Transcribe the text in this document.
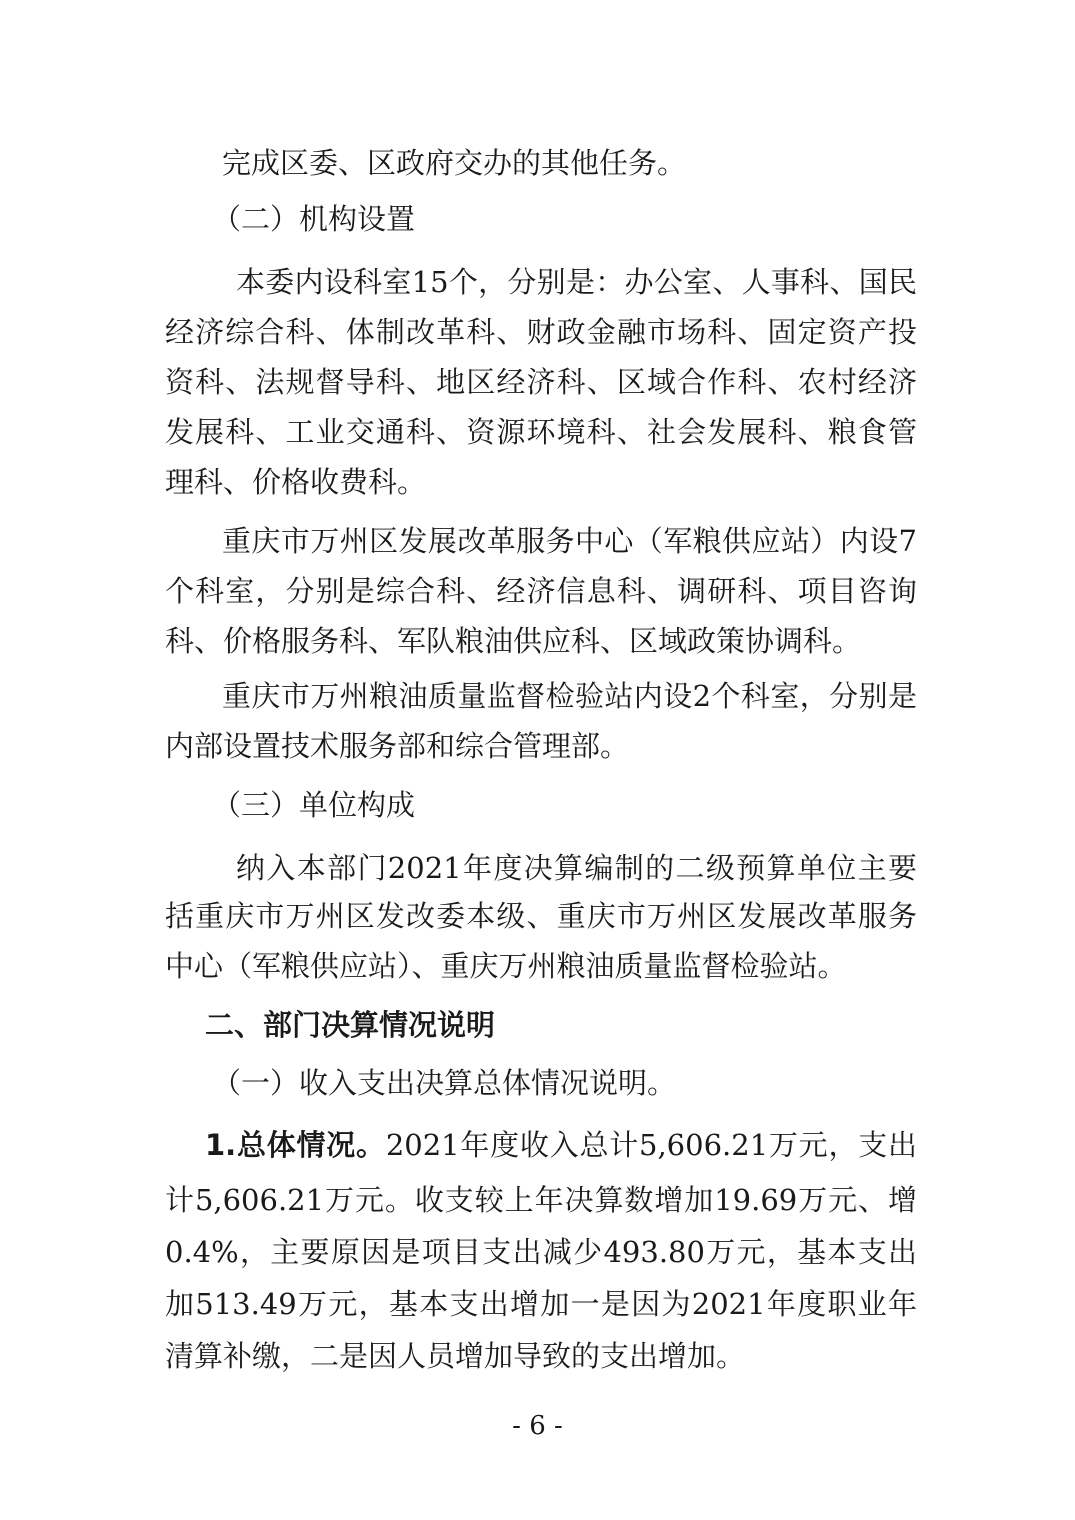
完成区委、区政府交办的其他任务。
（二）机构设置
本委内设科室15个，分别是：办公室、人事科、国民
经济综合科、体制改革科、财政金融市场科、固定资产投
资科、法规督导科、地区经济科、区域合作科、农村经济
发展科、工业交通科、资源环境科、社会发展科、粮食管
理科、价格收费科。
重庆市万州区发展改革服务中心（军粮供应站）内设7
个科室，分别是综合科、经济信息科、调研科、项目咨询
科、价格服务科、军队粮油供应科、区域政策协调科。
重庆市万州粮油质量监督检验站内设2个科室，分别是
内部设置技术服务部和综合管理部。
（三）单位构成
纳入本部门2021年度决算编制的二级预算单位主要
括重庆市万州区发改委本级、重庆市万州区发展改革服务
中心（军粮供应站）、重庆万州粮油质量监督检验站。
二、部门决算情况说明
（一）收入支出决算总体情况说明。
1.总体情况。2021年度收入总计5,606.21万元，支出
计5,606.21万元。收支较上年决算数增加19.69万元、增
0.4%，主要原因是项目支出减少493.80万元，基本支出
加513.49万元，基本支出增加一是因为2021年度职业年
清算补缴，二是因人员增加导致的支出增加。
- 6 -
